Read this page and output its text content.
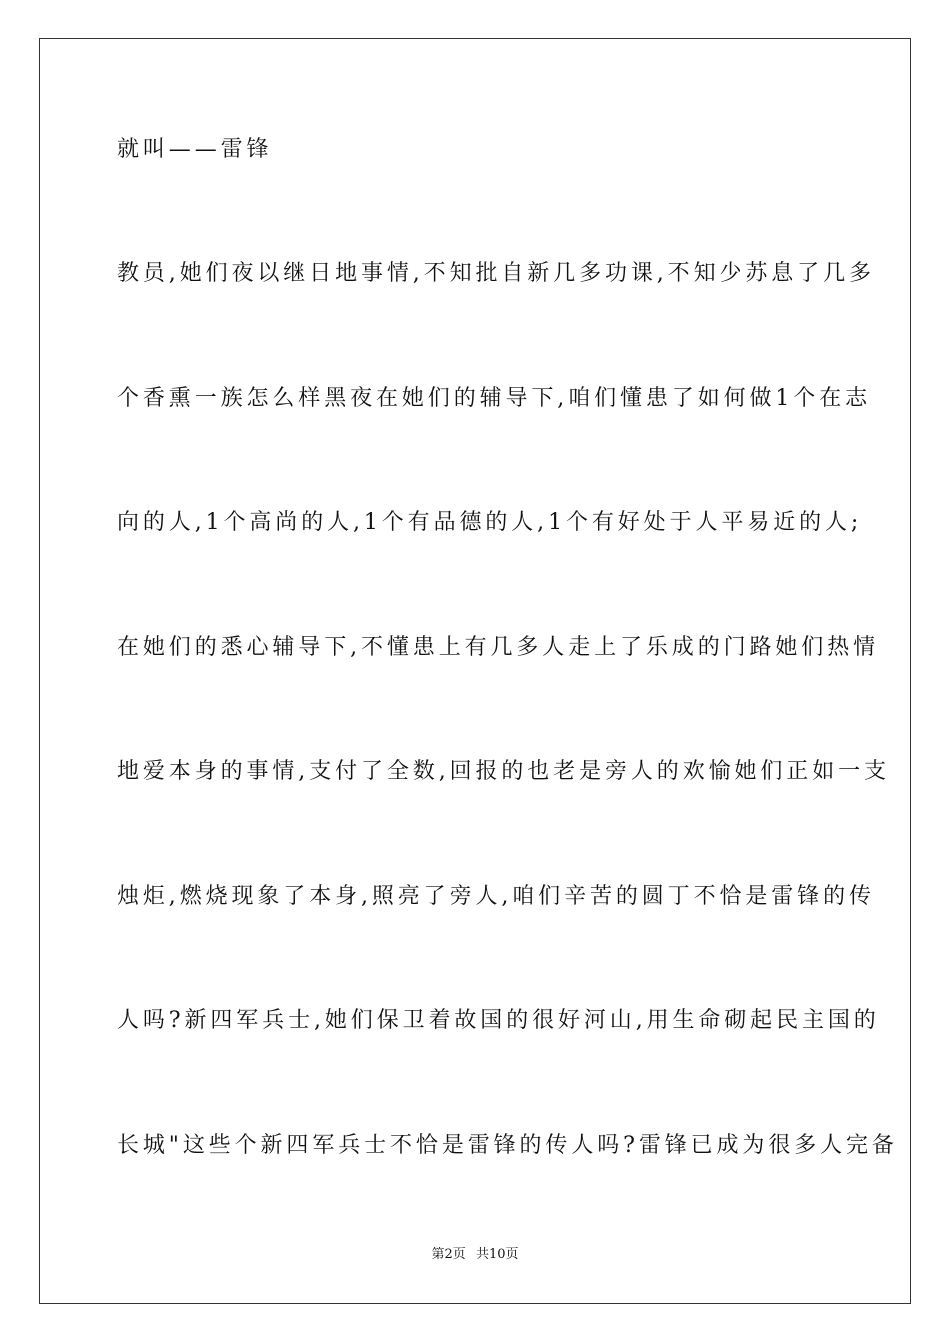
就叫——雷锋
教员,她们夜以继日地事情,不知批自新几多功课,不知少苏息了几多
个香熏一族怎么样黑夜在她们的辅导下,咱们懂患了如何做1个在志
向的人,1个高尚的人,1个有品德的人,1个有好处于人平易近的人;
在她们的悉心辅导下,不懂患上有几多人走上了乐成的门路她们热情
地爱本身的事情,支付了全数,回报的也老是旁人的欢愉她们正如一支
烛炬,燃烧现象了本身,照亮了旁人,咱们辛苦的圆丁不恰是雷锋的传
人吗?新四军兵士,她们保卫着故国的很好河山,用生命砌起民主国的
长城"这些个新四军兵士不恰是雷锋的传人吗?雷锋已成为很多人完备
第2页 共10页
